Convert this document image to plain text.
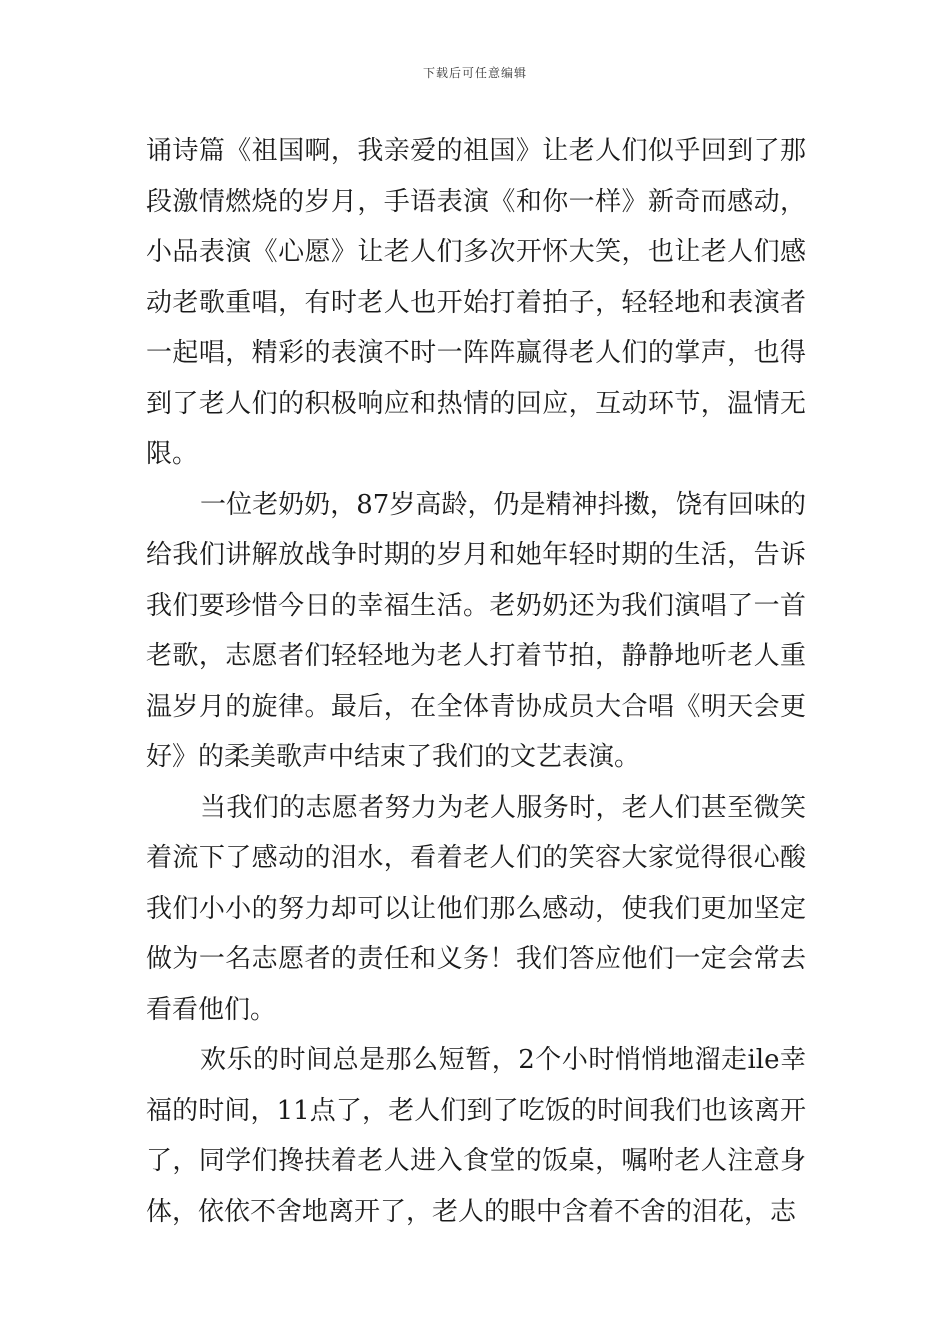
下载后可任意编辑

诵诗篇《祖国啊，我亲爱的祖国》让老人们似乎回到了那段激情燃烧的岁月，手语表演《和你一样》新奇而感动，小品表演《心愿》让老人们多次开怀大笑，也让老人们感动老歌重唱，有时老人也开始打着拍子，轻轻地和表演者一起唱，精彩的表演不时一阵阵赢得老人们的掌声，也得到了老人们的积极响应和热情的回应，互动环节，温情无限。

一位老奶奶，87岁高龄，仍是精神抖擞，饶有回味的给我们讲解放战争时期的岁月和她年轻时期的生活，告诉我们要珍惜今日的幸福生活。老奶奶还为我们演唱了一首老歌，志愿者们轻轻地为老人打着节拍，静静地听老人重温岁月的旋律。最后，在全体青协成员大合唱《明天会更好》的柔美歌声中结束了我们的文艺表演。

当我们的志愿者努力为老人服务时，老人们甚至微笑着流下了感动的泪水，看着老人们的笑容大家觉得很心酸我们小小的努力却可以让他们那么感动，使我们更加坚定做为一名志愿者的责任和义务！我们答应他们一定会常去看看他们。

欢乐的时间总是那么短暂，2个小时悄悄地溜走ile幸福的时间，11点了，老人们到了吃饭的时间我们也该离开了，同学们搀扶着老人进入食堂的饭桌，嘱咐老人注意身体，依依不舍地离开了，老人的眼中含着不舍的泪花，志
